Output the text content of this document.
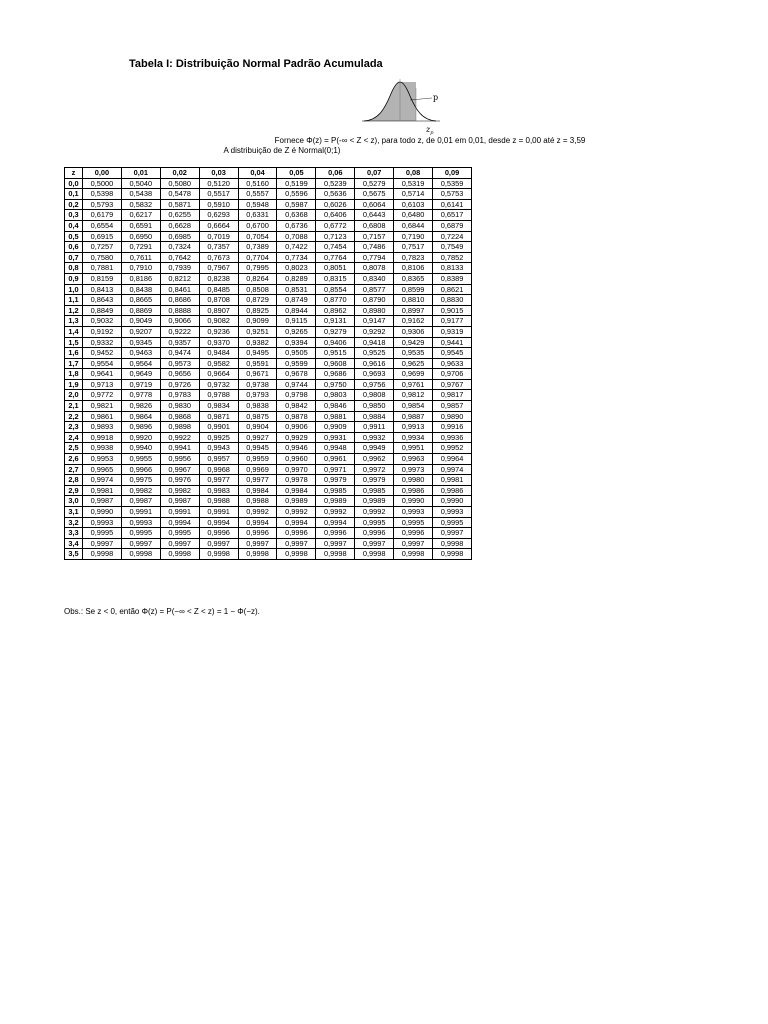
Tabela I: Distribuição Normal Padrão Acumulada
p
$z_p$
Fornece Φ(z) = P(-∞ < Z < z), para todo z, de 0,01 em 0,01, desde z = 0,00 até z = 3,59
A distribuição de Z é Normal(0;1)
z	0,00	0,01	0,02	0,03	0,04	0,05	0,06	0,07	0,08	0,09
0,0	0,5000	0,5040	0,5080	0,5120	0,5160	0,5199	0,5239	0,5279	0,5319	0,5359
0,1	0,5398	0,5438	0,5478	0,5517	0,5557	0,5596	0,5636	0,5675	0,5714	0,5753
0,2	0,5793	0,5832	0,5871	0,5910	0,5948	0,5987	0,6026	0,6064	0,6103	0,6141
0,3	0,6179	0,6217	0,6255	0,6293	0,6331	0,6368	0,6406	0,6443	0,6480	0,6517
0,4	0,6554	0,6591	0,6628	0,6664	0,6700	0,6736	0,6772	0,6808	0,6844	0,6879
0,5	0,6915	0,6950	0,6985	0,7019	0,7054	0,7088	0,7123	0,7157	0,7190	0,7224
0,6	0,7257	0,7291	0,7324	0,7357	0,7389	0,7422	0,7454	0,7486	0,7517	0,7549
0,7	0,7580	0,7611	0,7642	0,7673	0,7704	0,7734	0,7764	0,7794	0,7823	0,7852
0,8	0,7881	0,7910	0,7939	0,7967	0,7995	0,8023	0,8051	0,8078	0,8106	0,8133
0,9	0,8159	0,8186	0,8212	0,8238	0,8264	0,8289	0,8315	0,8340	0,8365	0,8389
1,0	0,8413	0,8438	0,8461	0,8485	0,8508	0,8531	0,8554	0,8577	0,8599	0,8621
1,1	0,8643	0,8665	0,8686	0,8708	0,8729	0,8749	0,8770	0,8790	0,8810	0,8830
1,2	0,8849	0,8869	0,8888	0,8907	0,8925	0,8944	0,8962	0,8980	0,8997	0,9015
1,3	0,9032	0,9049	0,9066	0,9082	0,9099	0,9115	0,9131	0,9147	0,9162	0,9177
1,4	0,9192	0,9207	0,9222	0,9236	0,9251	0,9265	0,9279	0,9292	0,9306	0,9319
1,5	0,9332	0,9345	0,9357	0,9370	0,9382	0,9394	0,9406	0,9418	0,9429	0,9441
1,6	0,9452	0,9463	0,9474	0,9484	0,9495	0,9505	0,9515	0,9525	0,9535	0,9545
1,7	0,9554	0,9564	0,9573	0,9582	0,9591	0,9599	0,9608	0,9616	0,9625	0,9633
1,8	0,9641	0,9649	0,9656	0,9664	0,9671	0,9678	0,9686	0,9693	0,9699	0,9706
1,9	0,9713	0,9719	0,9726	0,9732	0,9738	0,9744	0,9750	0,9756	0,9761	0,9767
2,0	0,9772	0,9778	0,9783	0,9788	0,9793	0,9798	0,9803	0,9808	0,9812	0,9817
2,1	0,9821	0,9826	0,9830	0,9834	0,9838	0,9842	0,9846	0,9850	0,9854	0,9857
2,2	0,9861	0,9864	0,9868	0,9871	0,9875	0,9878	0,9881	0,9884	0,9887	0,9890
2,3	0,9893	0,9896	0,9898	0,9901	0,9904	0,9906	0,9909	0,9911	0,9913	0,9916
2,4	0,9918	0,9920	0,9922	0,9925	0,9927	0,9929	0,9931	0,9932	0,9934	0,9936
2,5	0,9938	0,9940	0,9941	0,9943	0,9945	0,9946	0,9948	0,9949	0,9951	0,9952
2,6	0,9953	0,9955	0,9956	0,9957	0,9959	0,9960	0,9961	0,9962	0,9963	0,9964
2,7	0,9965	0,9966	0,9967	0,9968	0,9969	0,9970	0,9971	0,9972	0,9973	0,9974
2,8	0,9974	0,9975	0,9976	0,9977	0,9977	0,9978	0,9979	0,9979	0,9980	0,9981
2,9	0,9981	0,9982	0,9982	0,9983	0,9984	0,9984	0,9985	0,9985	0,9986	0,9986
3,0	0,9987	0,9987	0,9987	0,9988	0,9988	0,9989	0,9989	0,9989	0,9990	0,9990
3,1	0,9990	0,9991	0,9991	0,9991	0,9992	0,9992	0,9992	0,9992	0,9993	0,9993
3,2	0,9993	0,9993	0,9994	0,9994	0,9994	0,9994	0,9994	0,9995	0,9995	0,9995
3,3	0,9995	0,9995	0,9995	0,9996	0,9996	0,9996	0,9996	0,9996	0,9996	0,9997
3,4	0,9997	0,9997	0,9997	0,9997	0,9997	0,9997	0,9997	0,9997	0,9997	0,9998
3,5	0,9998	0,9998	0,9998	0,9998	0,9998	0,9998	0,9998	0,9998	0,9998	0,9998
Obs.: Se z < 0, então Φ(z) = P(−∞ < Z < z) = 1 − Φ(−z).
